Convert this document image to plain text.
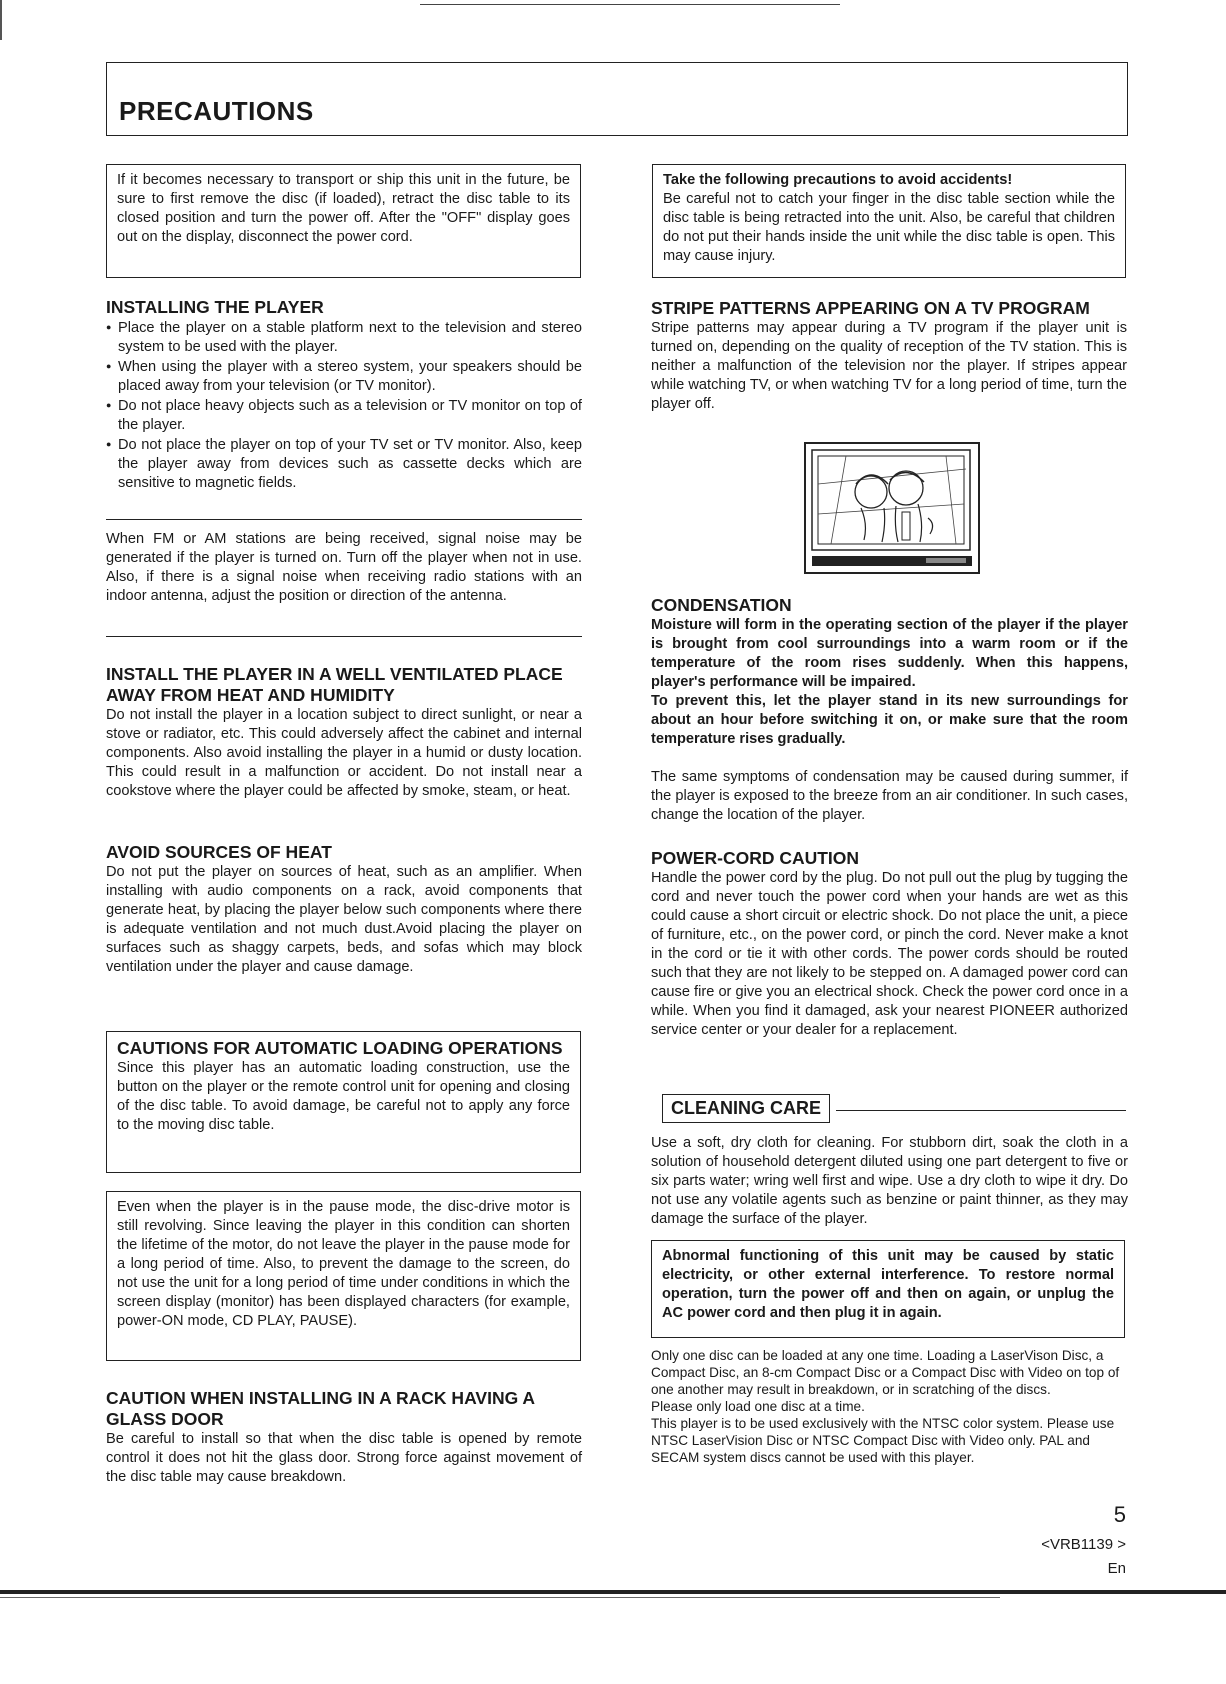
PRECAUTIONS

If it becomes necessary to transport or ship this unit in the future, be sure to first remove the disc (if loaded), retract the disc table to its closed position and turn the power off. After the "OFF" display goes out on the display, disconnect the power cord.

INSTALLING THE PLAYER

● Place the player on a stable platform next to the television and stereo system to be used with the player.
● When using the player with a stereo system, your speakers should be placed away from your television (or TV monitor).
● Do not place heavy objects such as a television or TV monitor on top of the player.
● Do not place the player on top of your TV set or TV monitor. Also, keep the player away from devices such as cassette decks which are sensitive to magnetic fields.

When FM or AM stations are being received, signal noise may be generated if the player is turned on. Turn off the player when not in use. Also, if there is a signal noise when receiving radio stations with an indoor antenna, adjust the position or direction of the antenna.

INSTALL THE PLAYER IN A WELL VENTILATED PLACE AWAY FROM HEAT AND HUMIDITY

Do not install the player in a location subject to direct sunlight, or near a stove or radiator, etc. This could adversely affect the cabinet and internal components. Also avoid installing the player in a humid or dusty location. This could result in a malfunction or accident. Do not install near a cookstove where the player could be affected by smoke, steam, or heat.

AVOID SOURCES OF HEAT

Do not put the player on sources of heat, such as an amplifier. When installing with audio components on a rack, avoid components that generate heat, by placing the player below such components where there is adequate ventilation and not much dust.Avoid placing the player on surfaces such as shaggy carpets, beds, and sofas which may block ventilation under the player and cause damage.

CAUTIONS FOR AUTOMATIC LOADING OPERATIONS

Since this player has an automatic loading construction, use the button on the player or the remote control unit for opening and closing of the disc table. To avoid damage, be careful not to apply any force to the moving disc table.

Even when the player is in the pause mode, the disc-drive motor is still revolving. Since leaving the player in this condition can shorten the lifetime of the motor, do not leave the player in the pause mode for a long period of time. Also, to prevent the damage to the screen, do not use the unit for a long period of time under conditions in which the screen display (monitor) has been displayed characters (for example, power-ON mode, CD PLAY, PAUSE).

CAUTION WHEN INSTALLING IN A RACK HAVING A GLASS DOOR

Be careful to install so that when the disc table is opened by remote control it does not hit the glass door. Strong force against movement of the disc table may cause breakdown.

Take the following precautions to avoid accidents!

Be careful not to catch your finger in the disc table section while the disc table is being retracted into the unit. Also, be careful that children do not put their hands inside the unit while the disc table is open. This may cause injury.

STRIPE PATTERNS APPEARING ON A TV PROGRAM

Stripe patterns may appear during a TV program if the player unit is turned on, depending on the quality of reception of the TV station. This is neither a malfunction of the television nor the player. If stripes appear while watching TV, or when watching TV for a long period of time, turn the player off.

CONDENSATION

Moisture will form in the operating section of the player if the player is brought from cool surroundings into a warm room or if the temperature of the room rises suddenly. When this happens, player's performance will be impaired.

To prevent this, let the player stand in its new surroundings for about an hour before switching it on, or make sure that the room temperature rises gradually.

The same symptoms of condensation may be caused during summer, if the player is exposed to the breeze from an air conditioner. In such cases, change the location of the player.

POWER-CORD CAUTION

Handle the power cord by the plug. Do not pull out the plug by tugging the cord and never touch the power cord when your hands are wet as this could cause a short circuit or electric shock. Do not place the unit, a piece of furniture, etc., on the power cord, or pinch the cord. Never make a knot in the cord or tie it with other cords. The power cords should be routed such that they are not likely to be stepped on. A damaged power cord can cause fire or give you an electrical shock. Check the power cord once in a while. When you find it damaged, ask your nearest PIONEER authorized service center or your dealer for a replacement.

CLEANING CARE

Use a soft, dry cloth for cleaning. For stubborn dirt, soak the cloth in a solution of household detergent diluted using one part detergent to five or six parts water; wring well first and wipe. Use a dry cloth to wipe it dry. Do not use any volatile agents such as benzine or paint thinner, as they may damage the surface of the player.

Abnormal functioning of this unit may be caused by static electricity, or other external interference. To restore normal operation, turn the power off and then on again, or unplug the AC power cord and then plug it in again.

Only one disc can be loaded at any one time. Loading a LaserVison Disc, a Compact Disc, an 8-cm Compact Disc or a Compact Disc with Video on top of one another may result in breakdown, or in scratching of the discs.

Please only load one disc at a time.

This player is to be used exclusively with the NTSC color system. Please use NTSC LaserVision Disc or NTSC Compact Disc with Video only. PAL and SECAM system discs cannot be used with this player.

5
<VRB1139 >
En
